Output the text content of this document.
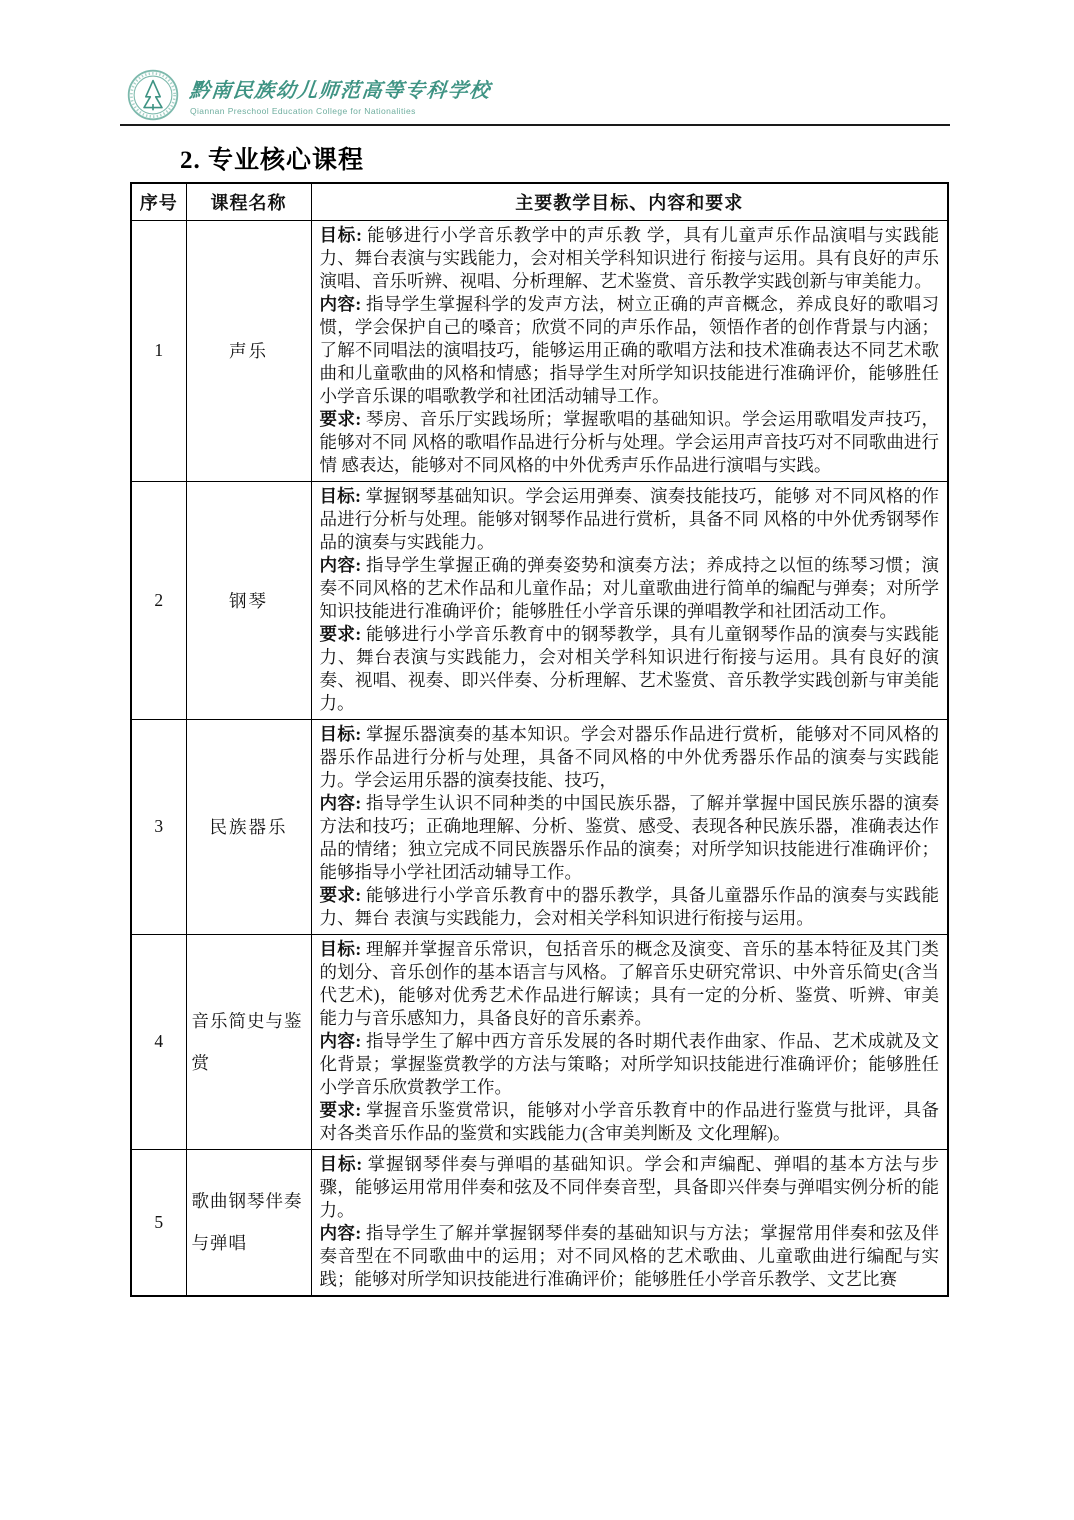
黔南民族幼儿师范高等专科学校
Qiannan Preschool Education College for Nationalities
2. 专业核心课程
序号	课程名称	主要教学目标、内容和要求
1	声乐	目标: 能够进行小学音乐教学中的声乐教 学，具有儿童声乐作品演唱与实践能力、舞台表演与实践能力，会对相关学科知识进行 衔接与运用。具有良好的声乐演唱、音乐听辨、视唱、分析理解、艺术鉴赏、音乐教学实践创新与审美能力。

内容: 指导学生掌握科学的发声方法，树立正确的声音概念，养成良好的歌唱习惯，学会保护自己的嗓音；欣赏不同的声乐作品，领悟作者的创作背景与内涵；了解不同唱法的演唱技巧，能够运用正确的歌唱方法和技术准确表达不同艺术歌曲和儿童歌曲的风格和情感；指导学生对所学知识技能进行准确评价，能够胜任小学音乐课的唱歌教学和社团活动辅导工作。

要求: 琴房、音乐厅实践场所；掌握歌唱的基础知识。学会运用歌唱发声技巧，能够对不同 风格的歌唱作品进行分析与处理。学会运用声音技巧对不同歌曲进行情 感表达，能够对不同风格的中外优秀声乐作品进行演唱与实践。

2	钢琴	目标: 掌握钢琴基础知识。学会运用弹奏、演奏技能技巧，能够 对不同风格的作品进行分析与处理。能够对钢琴作品进行赏析，具备不同 风格的中外优秀钢琴作品的演奏与实践能力。

内容: 指导学生掌握正确的弹奏姿势和演奏方法；养成持之以恒的练琴习惯；演奏不同风格的艺术作品和儿童作品；对儿童歌曲进行简单的编配与弹奏；对所学知识技能进行准确评价；能够胜任小学音乐课的弹唱教学和社团活动工作。

要求: 能够进行小学音乐教育中的钢琴教学，具有儿童钢琴作品的演奏与实践能力、舞台表演与实践能力，会对相关学科知识进行衔接与运用。具有良好的演奏、视唱、视奏、即兴伴奏、分析理解、艺术鉴赏、音乐教学实践创新与审美能力。

3	民族器乐	目标: 掌握乐器演奏的基本知识。学会对器乐作品进行赏析，能够对不同风格的器乐作品进行分析与处理，具备不同风格的中外优秀器乐作品的演奏与实践能力。学会运用乐器的演奏技能、技巧，

内容: 指导学生认识不同种类的中国民族乐器，了解并掌握中国民族乐器的演奏方法和技巧；正确地理解、分析、鉴赏、感受、表现各种民族乐器，准确表达作品的情绪；独立完成不同民族器乐作品的演奏；对所学知识技能进行准确评价；能够指导小学社团活动辅导工作。

要求: 能够进行小学音乐教育中的器乐教学，具备儿童器乐作品的演奏与实践能力、舞台 表演与实践能力，会对相关学科知识进行衔接与运用。

4	音乐简史与鉴赏	目标: 理解并掌握音乐常识，包括音乐的概念及演变、音乐的基本特征及其门类的划分、音乐创作的基本语言与风格。了解音乐史研究常识、中外音乐简史(含当代艺术)，能够对优秀艺术作品进行解读；具有一定的分析、鉴赏、听辨、审美 能力与音乐感知力，具备良好的音乐素养。

内容: 指导学生了解中西方音乐发展的各时期代表作曲家、作品、艺术成就及文化背景；掌握鉴赏教学的方法与策略；对所学知识技能进行准确评价；能够胜任小学音乐欣赏教学工作。

要求: 掌握音乐鉴赏常识，能够对小学音乐教育中的作品进行鉴赏与批评，具备对各类音乐作品的鉴赏和实践能力(含审美判断及 文化理解)。

5	歌曲钢琴伴奏与弹唱	目标: 掌握钢琴伴奏与弹唱的基础知识。学会和声编配、弹唱的基本方法与步骤，能够运用常用伴奏和弦及不同伴奏音型，具备即兴伴奏与弹唱实例分析的能力。

内容: 指导学生了解并掌握钢琴伴奏的基础知识与方法；掌握常用伴奏和弦及伴奏音型在不同歌曲中的运用；对不同风格的艺术歌曲、儿童歌曲进行编配与实践；能够对所学知识技能进行准确评价；能够胜任小学音乐教学、文艺比赛
